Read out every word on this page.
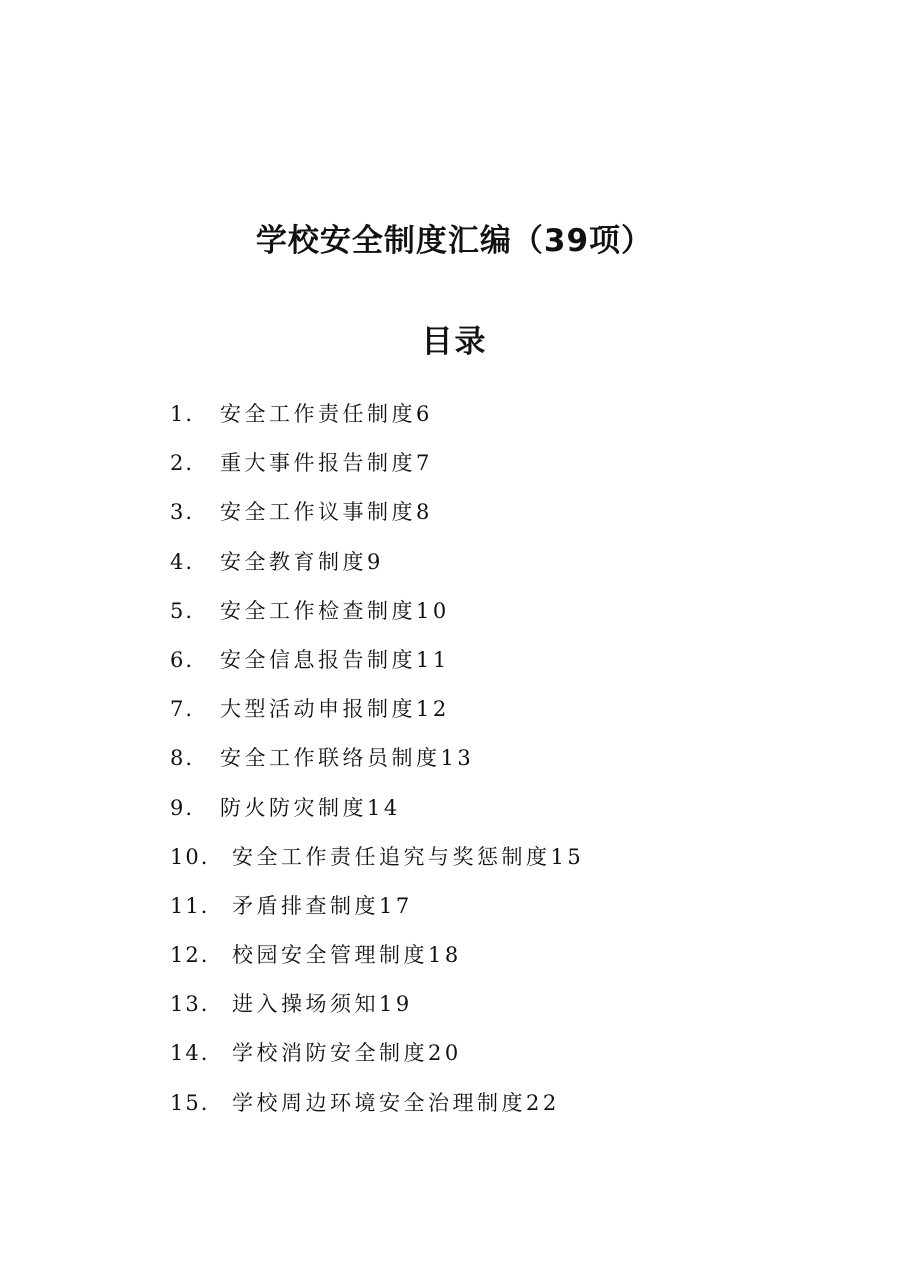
学校安全制度汇编（39项）
目录
1. 安全工作责任制度6
2. 重大事件报告制度7
3. 安全工作议事制度8
4. 安全教育制度9
5. 安全工作检查制度10
6. 安全信息报告制度11
7. 大型活动申报制度12
8. 安全工作联络员制度13
9. 防火防灾制度14
10. 安全工作责任追究与奖惩制度15
11. 矛盾排查制度17
12. 校园安全管理制度18
13. 进入操场须知19
14. 学校消防安全制度20
15. 学校周边环境安全治理制度22
